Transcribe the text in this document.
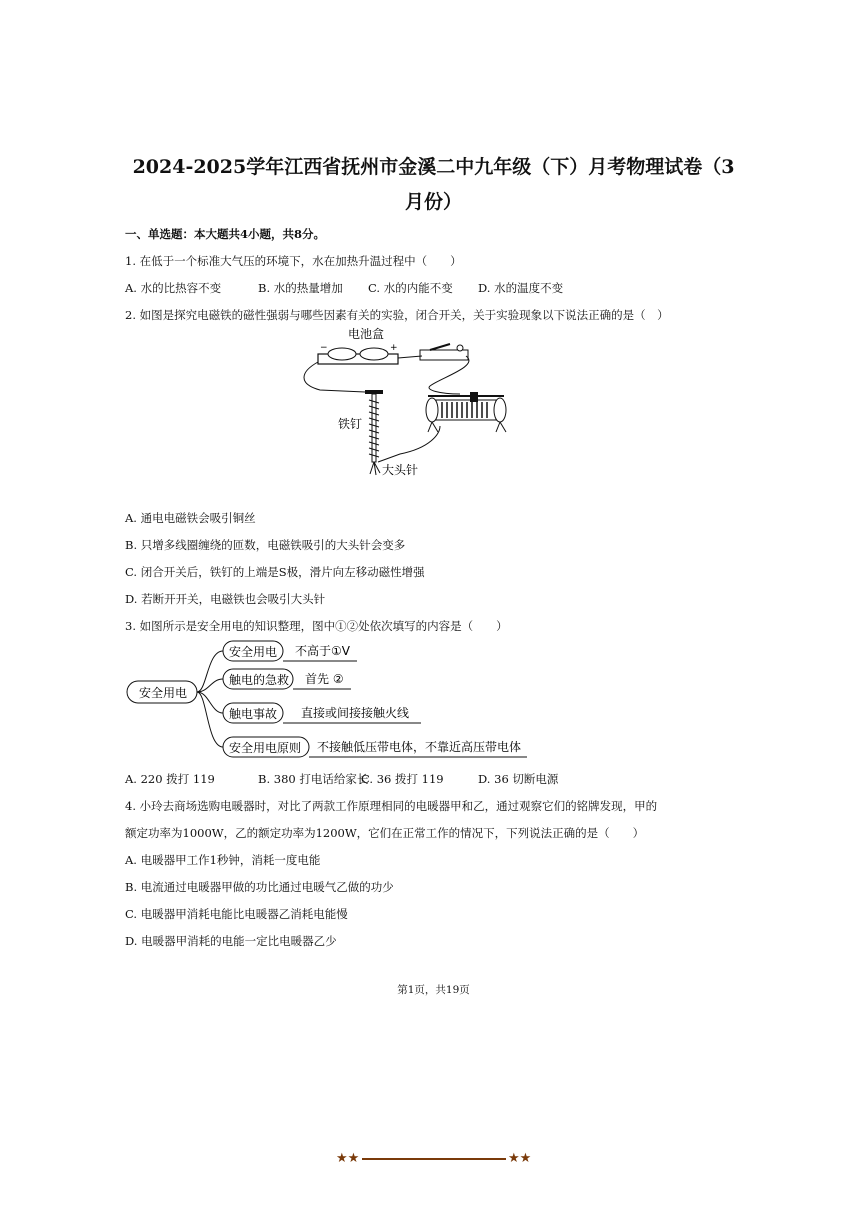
2024-2025学年江西省抚州市金溪二中九年级（下）月考物理试卷（3
月份）
一、单选题：本大题共4小题，共8分。
1. 在低于一个标准大气压的环境下，水在加热升温过程中（　　）
A. 水的比热容不变	B. 水的热量增加 C. 水的内能不变 D. 水的温度不变
2. 如图是探究电磁铁的磁性强弱与哪些因素有关的实验，闭合开关，关于实验现象以下说法正确的是（　）
电池盒
−	+
铁钉
大头针
A. 通电电磁铁会吸引铜丝
B. 只增多线圈缠绕的匝数，电磁铁吸引的大头针会变多
C. 闭合开关后，铁钉的上端是S极，滑片向左移动磁性增强
D. 若断开开关，电磁铁也会吸引大头针
3. 如图所示是安全用电的知识整理，图中①②处依次填写的内容是（　　）
安全用电
安全用电 不高于①V
触电的急救 首先 ②
触电事故 直接或间接接触火线
安全用电原则 不接触低压带电体，不靠近高压带电体
A. 220 拨打 119	B. 380 打电话给家长
C. 36 拨打 119	D. 36 切断电源
4. 小玲去商场选购电暖器时，对比了两款工作原理相同的电暖器甲和乙，通过观察它们的铭牌发现，甲的
额定功率为1000W，乙的额定功率为1200W，它们在正常工作的情况下，下列说法正确的是（　　）
A. 电暖器甲工作1秒钟，消耗一度电能
B. 电流通过电暖器甲做的功比通过电暖气乙做的功少
C. 电暖器甲消耗电能比电暖器乙消耗电能慢
D. 电暖器甲消耗的电能一定比电暖器乙少
第1页，共19页
★★	★★
